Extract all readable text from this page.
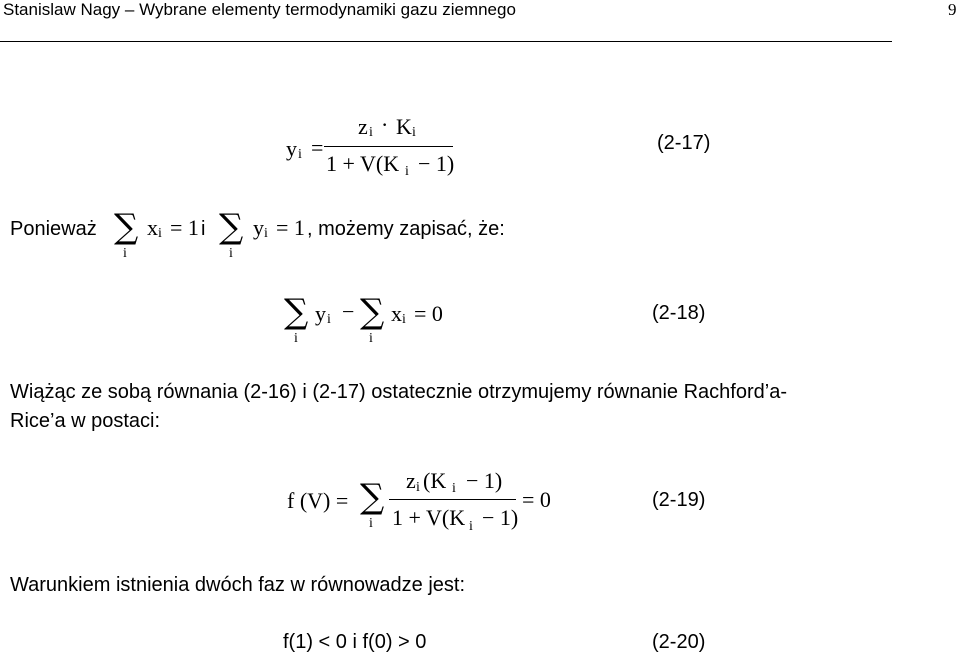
Stanislaw Nagy – Wybrane elementy termodynamiki gazu ziemnego	9
y i =
z i · K i
1 + V(K i − 1)
(2-17)
Ponieważ ∑
i
x i = 1 i ∑
i
y i = 1 , możemy zapisać, że:
∑
i
y i − ∑
i
x i = 0	(2-18)
Wiążąc ze sobą równania (2-16) i (2-17) ostatecznie otrzymujemy równanie Rachford’a-
Rice’a w postaci:
f (V) = ∑
i
z i (K i − 1)
1 + V(K i − 1)
= 0	(2-19)
Warunkiem istnienia dwóch faz w równowadze jest:
f(1) < 0 i f(0) > 0	(2-20)
